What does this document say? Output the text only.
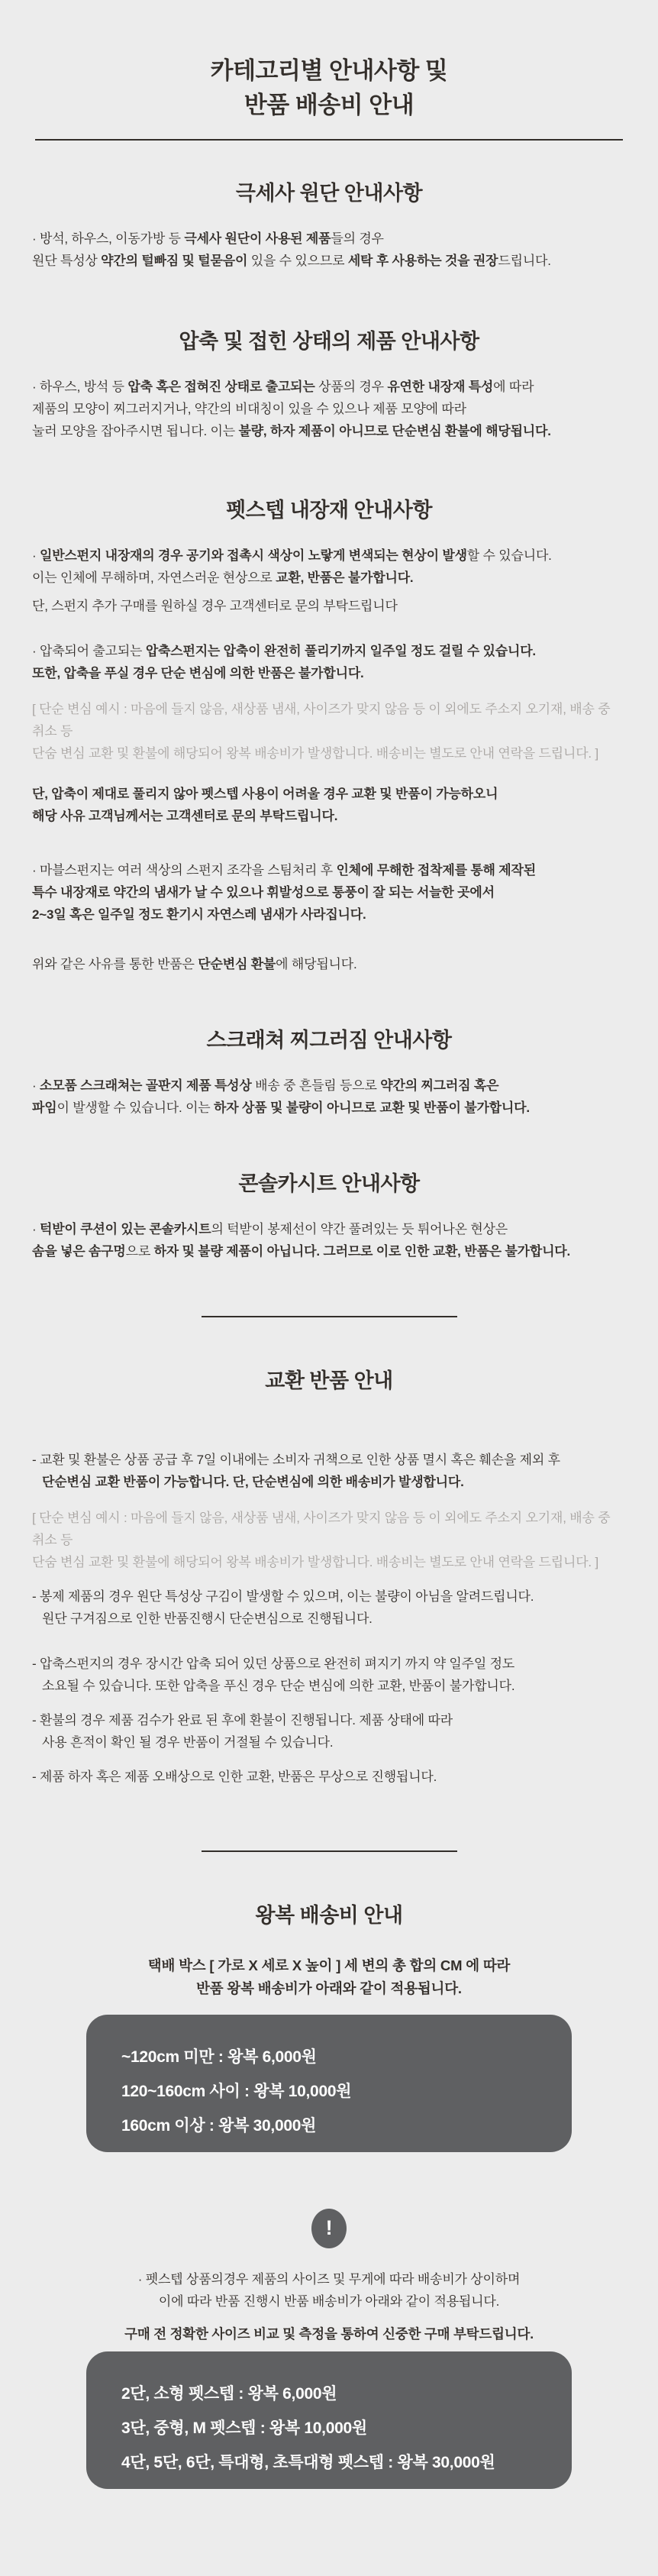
카테고리별 안내사항 및
반품 배송비 안내
극세사 원단 안내사항

· 방석, 하우스, 이동가방 등 극세사 원단이 사용된 제품들의 경우
원단 특성상 약간의 털빠짐 및 털묻음이 있을 수 있으므로 세탁 후 사용하는 것을 권장드립니다.

압축 및 접힌 상태의 제품 안내사항

· 하우스, 방석 등 압축 혹은 접혀진 상태로 출고되는 상품의 경우 유연한 내장재 특성에 따라
제품의 모양이 찌그러지거나, 약간의 비대칭이 있을 수 있으나 제품 모양에 따라
눌러 모양을 잡아주시면 됩니다. 이는 불량, 하자 제품이 아니므로 단순변심 환불에 해당됩니다.

펫스텝 내장재 안내사항

· 일반스펀지 내장재의 경우 공기와 접촉시 색상이 노랗게 변색되는 현상이 발생할 수 있습니다.
이는 인체에 무해하며, 자연스러운 현상으로 교환, 반품은 불가합니다.

단, 스펀지 추가 구매를 원하실 경우 고객센터로 문의 부탁드립니다

· 압축되어 출고되는 압축스펀지는 압축이 완전히 풀리기까지 일주일 정도 걸릴 수 있습니다.
또한, 압축을 푸실 경우 단순 변심에 의한 반품은 불가합니다.

[ 단순 변심 예시 : 마음에 들지 않음, 새상품 냄새, 사이즈가 맞지 않음 등 이 외에도 주소지 오기재, 배송 중 취소 등
단숨 변심 교환 및 환불에 해당되어 왕복 배송비가 발생합니다. 배송비는 별도로 안내 연락을 드립니다. ]

단, 압축이 제대로 풀리지 않아 펫스텝 사용이 어려울 경우 교환 및 반품이 가능하오니
해당 사유 고객님께서는 고객센터로 문의 부탁드립니다.

· 마블스펀지는 여러 색상의 스펀지 조각을 스팀처리 후 인체에 무해한 접착제를 통해 제작된
특수 내장재로 약간의 냄새가 날 수 있으나 휘발성으로 통풍이 잘 되는 서늘한 곳에서
2~3일 혹은 일주일 정도 환기시 자연스레 냄새가 사라집니다.

위와 같은 사유를 통한 반품은 단순변심 환불에 해당됩니다.

스크래쳐 찌그러짐 안내사항

· 소모품 스크래쳐는 골판지 제품 특성상 배송 중 흔들림 등으로 약간의 찌그러짐 혹은
파임이 발생할 수 있습니다. 이는 하자 상품 및 불량이 아니므로 교환 및 반품이 불가합니다.

콘솔카시트 안내사항

· 턱받이 쿠션이 있는 콘솔카시트의 턱받이 봉제선이 약간 풀려있는 듯 튀어나온 현상은
솜을 넣은 솜구멍으로 하자 및 불량 제품이 아닙니다. 그러므로 이로 인한 교환, 반품은 불가합니다.

교환 반품 안내

- 교환 및 환불은 상품 공급 후 7일 이내에는 소비자 귀책으로 인한 상품 멸시 혹은 훼손을 제외 후
단순변심 교환 반품이 가능합니다. 단, 단순변심에 의한 배송비가 발생합니다.

[ 단순 변심 예시 : 마음에 들지 않음, 새상품 냄새, 사이즈가 맞지 않음 등 이 외에도 주소지 오기재, 배송 중 취소 등
단숨 변심 교환 및 환불에 해당되어 왕복 배송비가 발생합니다. 배송비는 별도로 안내 연락을 드립니다. ]

- 봉제 제품의 경우 원단 특성상 구김이 발생할 수 있으며, 이는 불량이 아님을 알려드립니다.
원단 구겨짐으로 인한 반품진행시 단순변심으로 진행됩니다.

- 압축스펀지의 경우 장시간 압축 되어 있던 상품으로 완전히 펴지기 까지 약 일주일 정도
소요될 수 있습니다. 또한 압축을 푸신 경우 단순 변심에 의한 교환, 반품이 불가합니다.

- 환불의 경우 제품 검수가 완료 된 후에 환불이 진행됩니다. 제품 상태에 따라
사용 흔적이 확인 될 경우 반품이 거절될 수 있습니다.

- 제품 하자 혹은 제품 오배상으로 인한 교환, 반품은 무상으로 진행됩니다.

왕복 배송비 안내

택배 박스 [ 가로 X 세로 X 높이 ] 세 변의 총 합의 CM 에 따라
반품 왕복 배송비가 아래와 같이 적용됩니다.

~120cm 미만 : 왕복 6,000원
120~160cm 사이 : 왕복 10,000원
160cm 이상 : 왕복 30,000원
!

· 펫스텝 상품의경우 제품의 사이즈 및 무게에 따라 배송비가 상이하며
이에 따라 반품 진행시 반품 배송비가 아래와 같이 적용됩니다.

구매 전 정확한 사이즈 비교 및 측정을 통하여 신중한 구매 부탁드립니다.

2단, 소형 펫스텝 : 왕복 6,000원
3단, 중형, M 펫스텝 : 왕복 10,000원
4단, 5단, 6단, 특대형, 초특대형 펫스텝 : 왕복 30,000원
